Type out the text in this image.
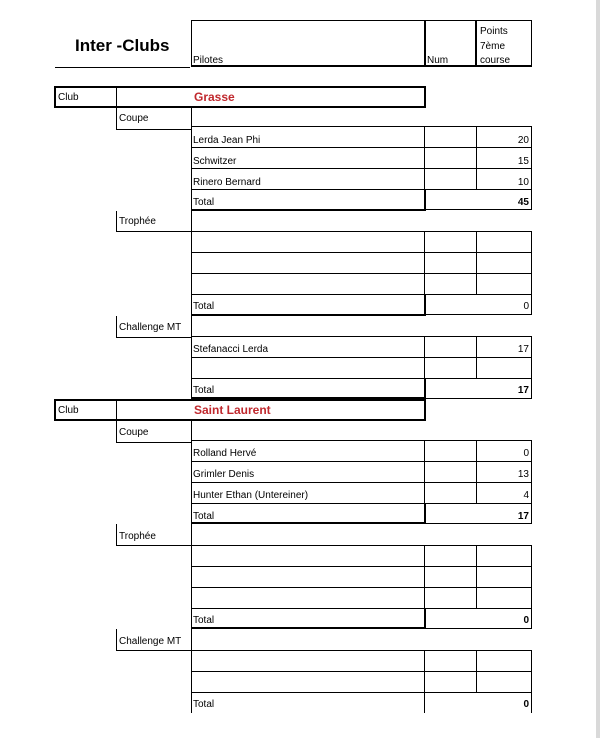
Inter -Clubs
Pilotes	Num
Points
7ème
course
Club	Grasse
Coupe
Lerda Jean Phi	20
Schwitzer	15
Rinero Bernard	10
Total	45
Trophée
Total	0
Challenge MT
Stefanacci Lerda	17
Total	17
Club	Saint Laurent
Coupe
Rolland Hervé	0
Grimler Denis	13
Hunter Ethan (Untereiner)	4
Total	17
Trophée
Total	0
Challenge MT
Total	0
